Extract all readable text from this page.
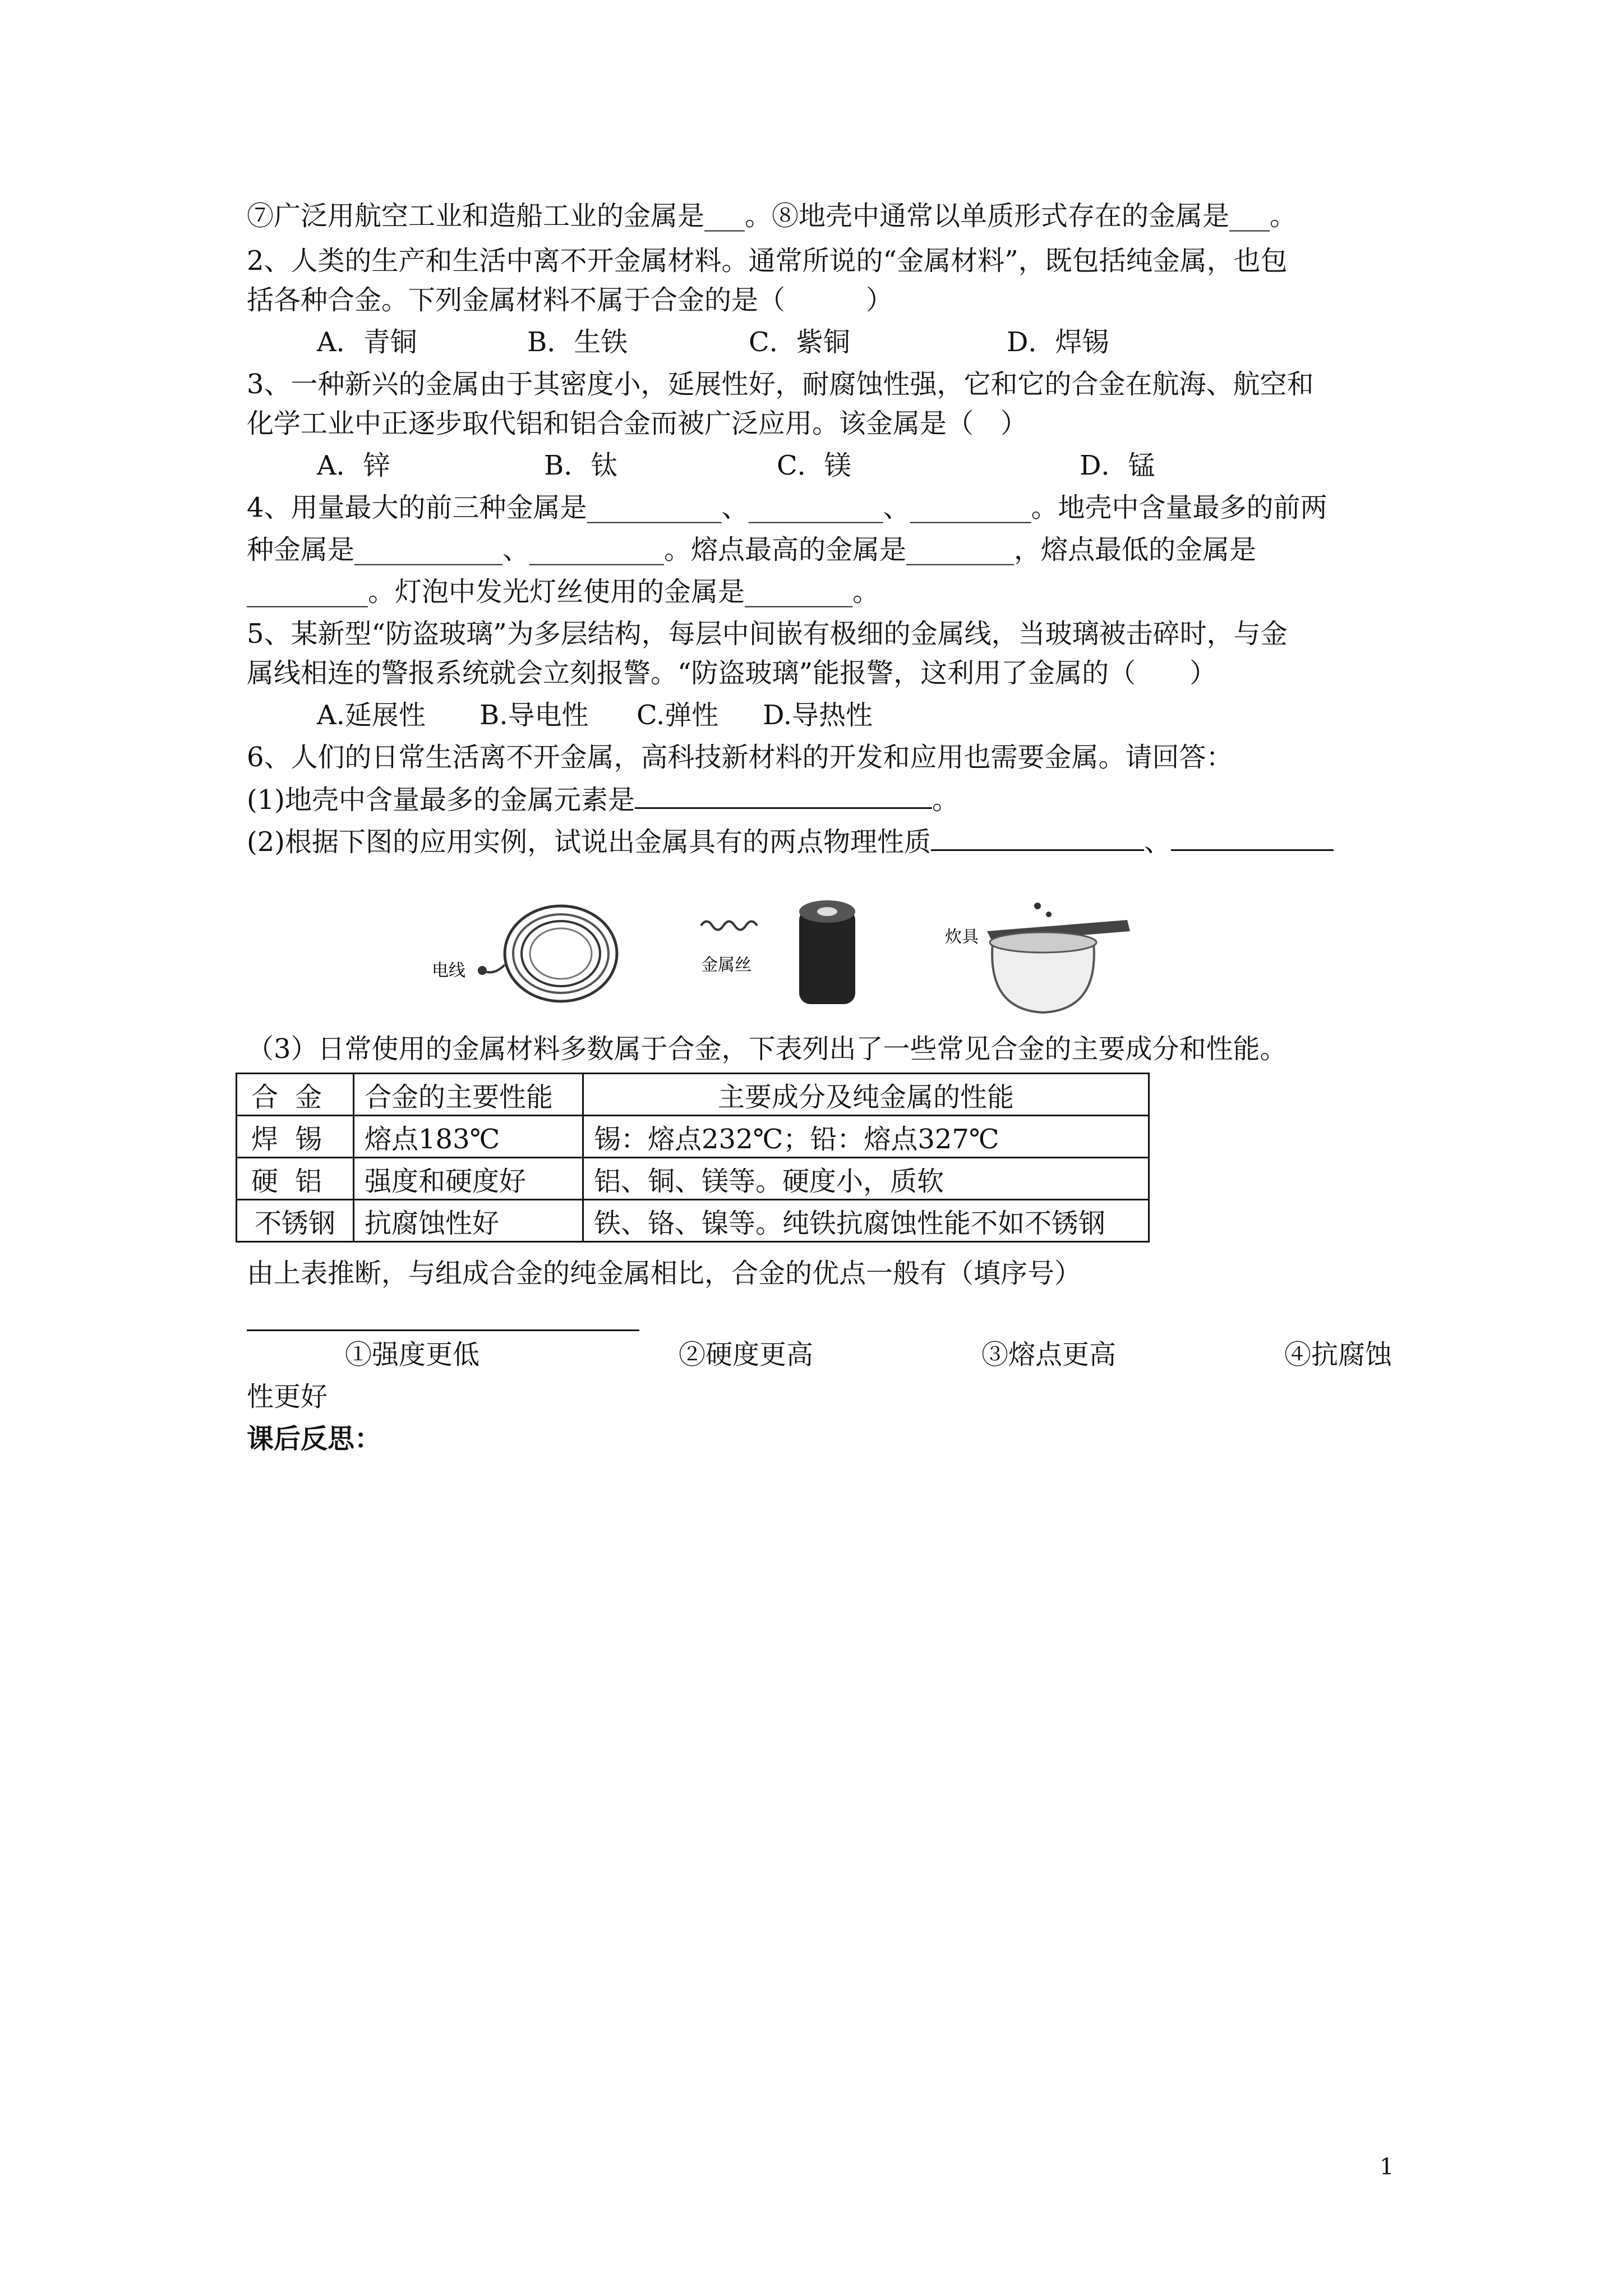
⑦广泛用航空工业和造船工业的金属是___。⑧地壳中通常以单质形式存在的金属是___。
2、人类的生产和生活中离不开金属材料。通常所说的“金属材料”，既包括纯金属，也包
括各种合金。下列金属材料不属于合金的是（　　　）
A．青铜	B．生铁	C．紫铜	D．焊锡
3、一种新兴的金属由于其密度小，延展性好，耐腐蚀性强，它和它的合金在航海、航空和
化学工业中正逐步取代铝和铝合金而被广泛应用。该金属是（　）
A．锌	B．钛	C．镁	D．锰
4、用量最大的前三种金属是__________、__________、_________。地壳中含量最多的前两
种金属是___________、__________。熔点最高的金属是________，熔点最低的金属是
_________。灯泡中发光灯丝使用的金属是________。
5、某新型“防盗玻璃”为多层结构，每层中间嵌有极细的金属线，当玻璃被击碎时，与金
属线相连的警报系统就会立刻报警。“防盗玻璃”能报警，这利用了金属的（　　）
A.延展性 B.导电性 C.弹性 D.导热性
6、人们的日常生活离不开金属，高科技新材料的开发和应用也需要金属。请回答：
(1)地壳中含量最多的金属元素是	。
(2)根据下图的应用实例，试说出金属具有的两点物理性质	、
电线	金属丝
炊具
（3）日常使用的金属材料多数属于合金，下表列出了一些常见合金的主要成分和性能。
合金	合金的主要性能	主要成分及纯金属的性能
焊锡	熔点183℃	锡：熔点232℃；铅：熔点327℃
硬铝	强度和硬度好	铝、铜、镁等。硬度小，质软
不锈钢	抗腐蚀性好	铁、铬、镍等。纯铁抗腐蚀性能不如不锈钢
由上表推断，与组成合金的纯金属相比，合金的优点一般有（填序号）
①强度更低	②硬度更高	③熔点更高	④抗腐蚀
性更好
课后反思：
1
